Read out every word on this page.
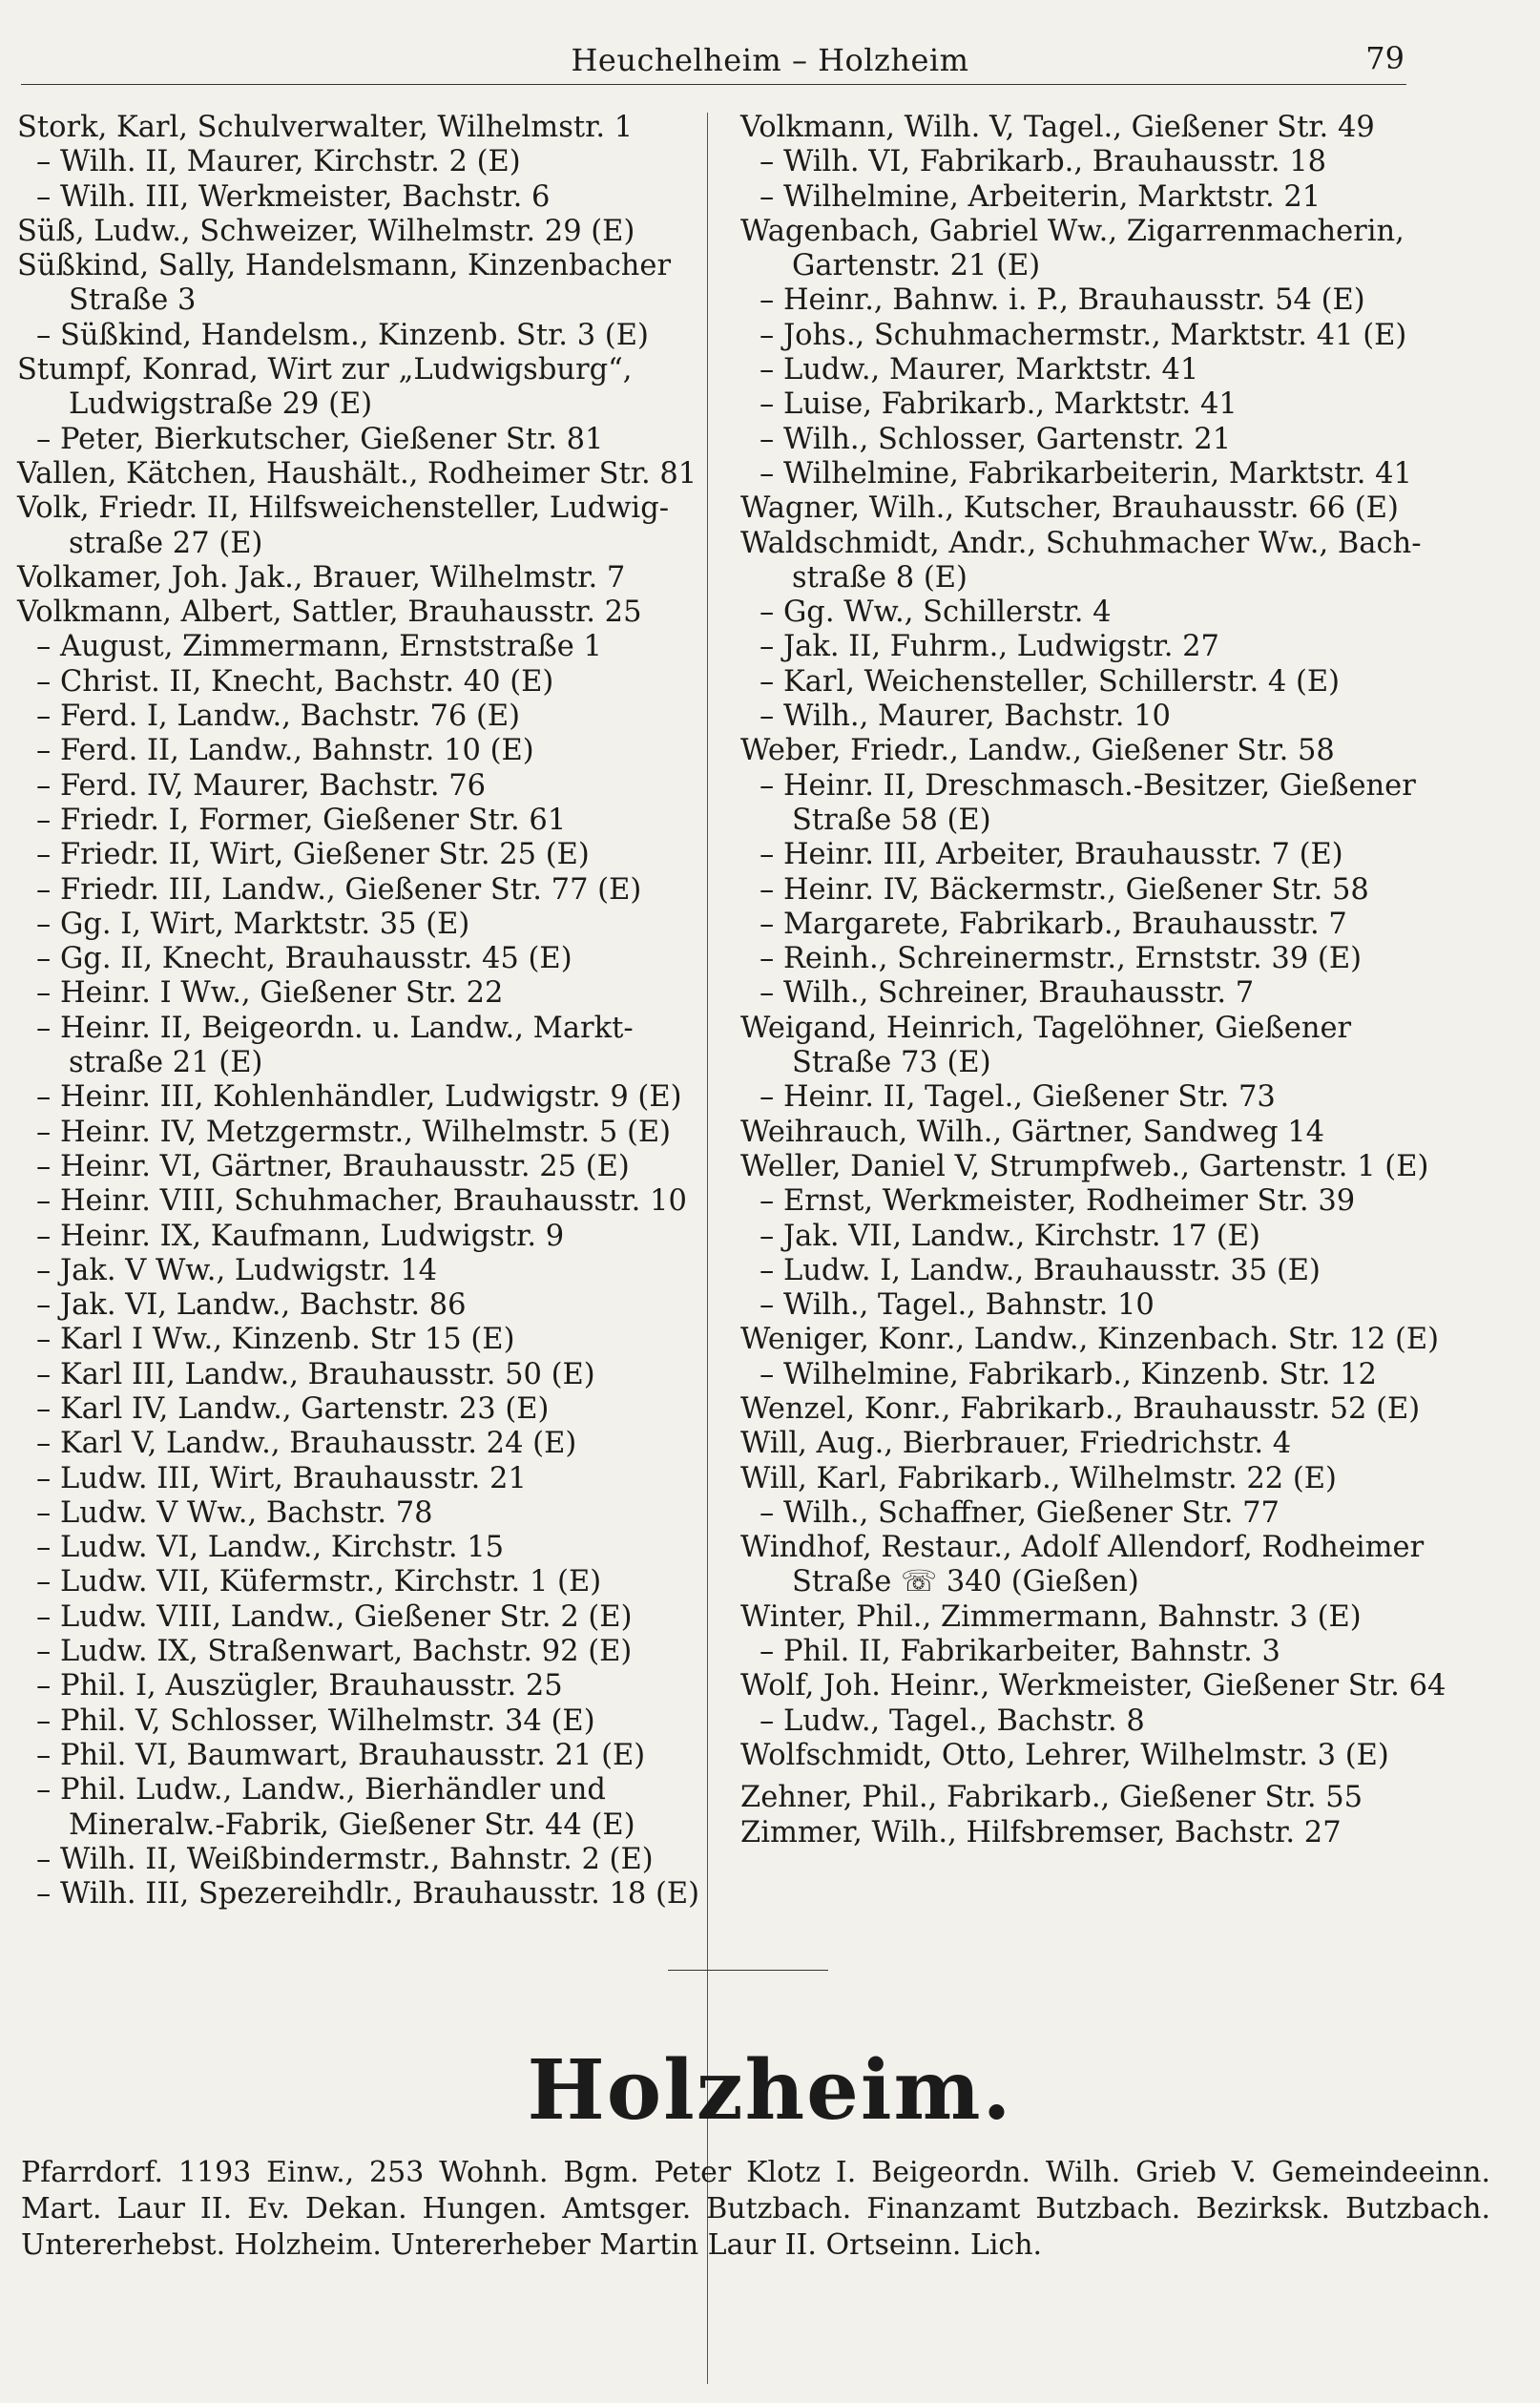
Heuchelheim – Holzheim	79
Stork, Karl, Schulverwalter, Wilhelmstr. 1
– Wilh. II, Maurer, Kirchstr. 2 (E)
– Wilh. III, Werkmeister, Bachstr. 6
Süß, Ludw., Schweizer, Wilhelmstr. 29 (E)
Süßkind, Sally, Handelsmann, Kinzenbacher
Straße 3
– Süßkind, Handelsm., Kinzenb. Str. 3 (E)
Stumpf, Konrad, Wirt zur „Ludwigsburg“,
Ludwigstraße 29 (E)
– Peter, Bierkutscher, Gießener Str. 81
Vallen, Kätchen, Haushält., Rodheimer Str. 81
Volk, Friedr. II, Hilfsweichensteller, Ludwig-
straße 27 (E)
Volkamer, Joh. Jak., Brauer, Wilhelmstr. 7
Volkmann, Albert, Sattler, Brauhausstr. 25
– August, Zimmermann, Ernststraße 1
– Christ. II, Knecht, Bachstr. 40 (E)
– Ferd. I, Landw., Bachstr. 76 (E)
– Ferd. II, Landw., Bahnstr. 10 (E)
– Ferd. IV, Maurer, Bachstr. 76
– Friedr. I, Former, Gießener Str. 61
– Friedr. II, Wirt, Gießener Str. 25 (E)
– Friedr. III, Landw., Gießener Str. 77 (E)
– Gg. I, Wirt, Marktstr. 35 (E)
– Gg. II, Knecht, Brauhausstr. 45 (E)
– Heinr. I Ww., Gießener Str. 22
– Heinr. II, Beigeordn. u. Landw., Markt-
straße 21 (E)
– Heinr. III, Kohlenhändler, Ludwigstr. 9 (E)
– Heinr. IV, Metzgermstr., Wilhelmstr. 5 (E)
– Heinr. VI, Gärtner, Brauhausstr. 25 (E)
– Heinr. VIII, Schuhmacher, Brauhausstr. 10
– Heinr. IX, Kaufmann, Ludwigstr. 9
– Jak. V Ww., Ludwigstr. 14
– Jak. VI, Landw., Bachstr. 86
– Karl I Ww., Kinzenb. Str 15 (E)
– Karl III, Landw., Brauhausstr. 50 (E)
– Karl IV, Landw., Gartenstr. 23 (E)
– Karl V, Landw., Brauhausstr. 24 (E)
– Ludw. III, Wirt, Brauhausstr. 21
– Ludw. V Ww., Bachstr. 78
– Ludw. VI, Landw., Kirchstr. 15
– Ludw. VII, Küfermstr., Kirchstr. 1 (E)
– Ludw. VIII, Landw., Gießener Str. 2 (E)
– Ludw. IX, Straßenwart, Bachstr. 92 (E)
– Phil. I, Auszügler, Brauhausstr. 25
– Phil. V, Schlosser, Wilhelmstr. 34 (E)
– Phil. VI, Baumwart, Brauhausstr. 21 (E)
– Phil. Ludw., Landw., Bierhändler und
Mineralw.-Fabrik, Gießener Str. 44 (E)
– Wilh. II, Weißbindermstr., Bahnstr. 2 (E)
– Wilh. III, Spezereihdlr., Brauhausstr. 18 (E)
Volkmann, Wilh. V, Tagel., Gießener Str. 49
– Wilh. VI, Fabrikarb., Brauhausstr. 18
– Wilhelmine, Arbeiterin, Marktstr. 21
Wagenbach, Gabriel Ww., Zigarrenmacherin,
Gartenstr. 21 (E)
– Heinr., Bahnw. i. P., Brauhausstr. 54 (E)
– Johs., Schuhmachermstr., Marktstr. 41 (E)
– Ludw., Maurer, Marktstr. 41
– Luise, Fabrikarb., Marktstr. 41
– Wilh., Schlosser, Gartenstr. 21
– Wilhelmine, Fabrikarbeiterin, Marktstr. 41
Wagner, Wilh., Kutscher, Brauhausstr. 66 (E)
Waldschmidt, Andr., Schuhmacher Ww., Bach-
straße 8 (E)
– Gg. Ww., Schillerstr. 4
– Jak. II, Fuhrm., Ludwigstr. 27
– Karl, Weichensteller, Schillerstr. 4 (E)
– Wilh., Maurer, Bachstr. 10
Weber, Friedr., Landw., Gießener Str. 58
– Heinr. II, Dreschmasch.-Besitzer, Gießener
Straße 58 (E)
– Heinr. III, Arbeiter, Brauhausstr. 7 (E)
– Heinr. IV, Bäckermstr., Gießener Str. 58
– Margarete, Fabrikarb., Brauhausstr. 7
– Reinh., Schreinermstr., Ernststr. 39 (E)
– Wilh., Schreiner, Brauhausstr. 7
Weigand, Heinrich, Tagelöhner, Gießener
Straße 73 (E)
– Heinr. II, Tagel., Gießener Str. 73
Weihrauch, Wilh., Gärtner, Sandweg 14
Weller, Daniel V, Strumpfweb., Gartenstr. 1 (E)
– Ernst, Werkmeister, Rodheimer Str. 39
– Jak. VII, Landw., Kirchstr. 17 (E)
– Ludw. I, Landw., Brauhausstr. 35 (E)
– Wilh., Tagel., Bahnstr. 10
Weniger, Konr., Landw., Kinzenbach. Str. 12 (E)
– Wilhelmine, Fabrikarb., Kinzenb. Str. 12
Wenzel, Konr., Fabrikarb., Brauhausstr. 52 (E)
Will, Aug., Bierbrauer, Friedrichstr. 4
Will, Karl, Fabrikarb., Wilhelmstr. 22 (E)
– Wilh., Schaffner, Gießener Str. 77
Windhof, Restaur., Adolf Allendorf, Rodheimer
Straße ☏ 340 (Gießen)
Winter, Phil., Zimmermann, Bahnstr. 3 (E)
– Phil. II, Fabrikarbeiter, Bahnstr. 3
Wolf, Joh. Heinr., Werkmeister, Gießener Str. 64
– Ludw., Tagel., Bachstr. 8
Wolfschmidt, Otto, Lehrer, Wilhelmstr. 3 (E)
Zehner, Phil., Fabrikarb., Gießener Str. 55
Zimmer, Wilh., Hilfsbremser, Bachstr. 27
Holzheim.
Pfarrdorf. 1193 Einw., 253 Wohnh. Bgm. Peter Klotz I. Beigeordn. Wilh. Grieb V. Gemeindeeinn. Mart. Laur II. Ev. Dekan. Hungen. Amtsger. Butzbach. Finanzamt Butzbach. Bezirksk. Butzbach. Untererhebst. Holzheim. Untererheber Martin Laur II. Ortseinn. Lich.
